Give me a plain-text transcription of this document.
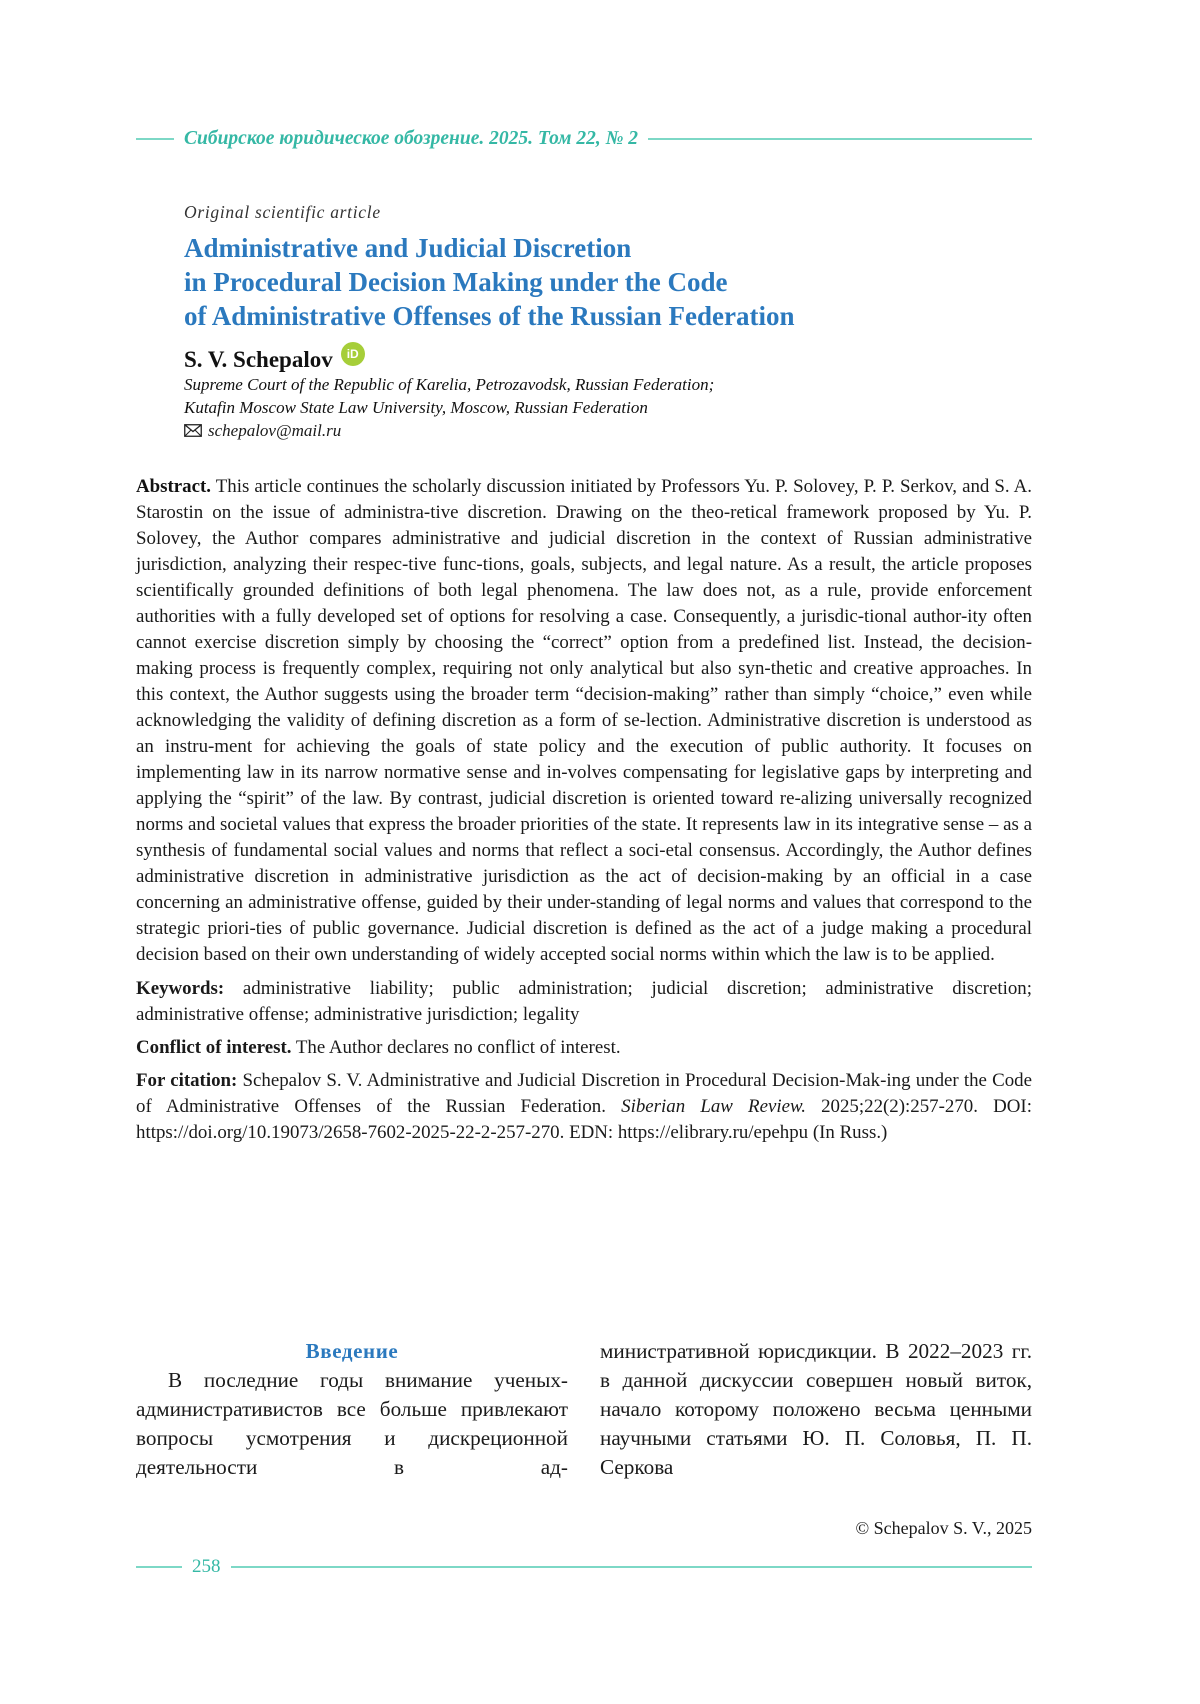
Сибирское юридическое обозрение. 2025. Том 22, № 2
Original scientific article
Administrative and Judicial Discretion
in Procedural Decision Making under the Code
of Administrative Offenses of the Russian Federation
S. V. Schepalov	iD
Supreme Court of the Republic of Karelia, Petrozavodsk, Russian Federation;
Kutafin Moscow State Law University, Moscow, Russian Federation
schepalov@mail.ru

Abstract. This article continues the scholarly discussion initiated by Professors Yu. P. Solovey, P. P. Serkov, and S. A. Starostin on the issue of administra-tive discretion. Drawing on the theo-retical framework proposed by Yu. P. Solovey, the Author compares administrative and judicial discretion in the context of Russian administrative jurisdiction, analyzing their respec-tive func-tions, goals, subjects, and legal nature. As a result, the article proposes scientifically grounded definitions of both legal phenomena. The law does not, as a rule, provide enforcement authorities with a fully developed set of options for resolving a case. Consequently, a jurisdic-tional author-ity often cannot exercise discretion simply by choosing the “correct” option from a predefined list. Instead, the decision-making process is frequently complex, requiring not only analytical but also syn-thetic and creative approaches. In this context, the Author suggests using the broader term “decision-making” rather than simply “choice,” even while acknowledging the validity of defining discretion as a form of se-lection. Administrative discretion is understood as an instru-ment for achieving the goals of state policy and the execution of public authority. It focuses on implementing law in its narrow normative sense and in-volves compensating for legislative gaps by interpreting and applying the “spirit” of the law. By contrast, judicial discretion is oriented toward re-alizing universally recognized norms and societal values that express the broader priorities of the state. It represents law in its integrative sense – as a synthesis of fundamental social values and norms that reflect a soci-etal consensus. Accordingly, the Author defines administrative discretion in administrative jurisdiction as the act of decision-making by an official in a case concerning an administrative offense, guided by their under-standing of legal norms and values that correspond to the strategic priori-ties of public governance. Judicial discretion is defined as the act of a judge making a procedural decision based on their own understanding of widely accepted social norms within which the law is to be applied.

Keywords: administrative liability; public administration; judicial discretion; administrative discretion; administrative offense; administrative jurisdiction; legality

Conflict of interest. The Author declares no conflict of interest.

For citation: Schepalov S. V. Administrative and Judicial Discretion in Procedural Decision-Mak-ing under the Code of Administrative Offenses of the Russian Federation. Siberian Law Review. 2025;22(2):257-270. DOI: https://doi.org/10.19073/2658-7602-2025-22-2-257-270. EDN: https://elibrary.ru/epehpu (In Russ.)

Введение

В последние годы внимание ученых-административистов все больше привлекают вопросы усмотрения и дискреционной деятельности в ад-

министративной юрисдикции. В 2022–2023 гг. в данной дискуссии совершен новый виток, начало которому положено весьма ценными научными статьями Ю. П. Соловья, П. П. Серкова

© Schepalov S. V., 2025
258
